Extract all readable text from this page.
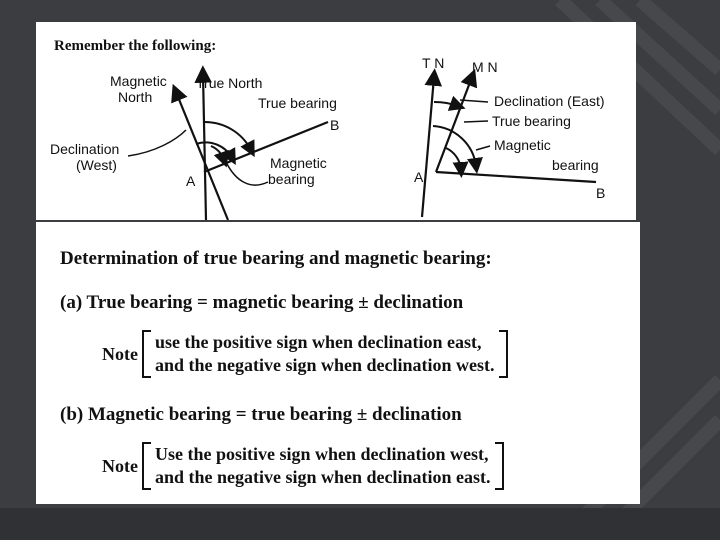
Remember the following:
Magnetic
North
True North
True bearing
B
A
Declination
(West)	Magnetic
bearing
T N M N
Declination (East)
True bearing
Magnetic
bearing
A
B
Determination of true bearing and magnetic bearing:
(a) True bearing = magnetic bearing ± declination
Note
use the positive sign when declination east,
and the negative sign when declination west.
(b) Magnetic bearing = true bearing ± declination
Note
Use the positive sign when declination west,
and the negative sign when declination east.
